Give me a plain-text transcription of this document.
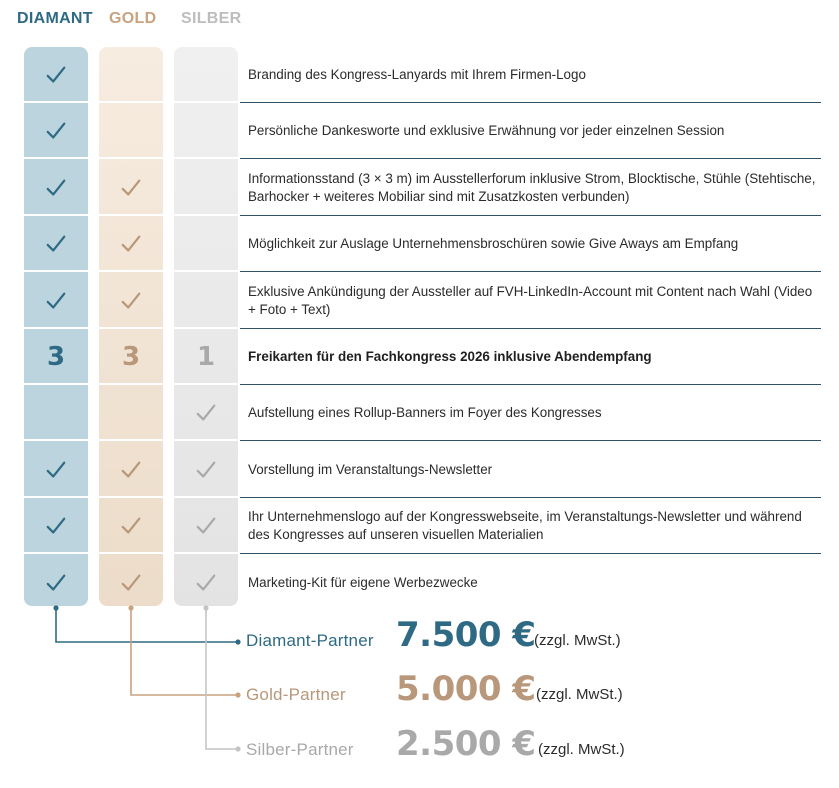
DIAMANT GOLD SILBER
Branding des Kongress-Lanyards mit Ihrem Firmen-Logo
Persönliche Dankesworte und exklusive Erwähnung vor jeder einzelnen Session
Informationsstand (3 × 3 m) im Ausstellerforum inklusive Strom, Blocktische, Stühle (Stehtische, Barhocker + weiteres Mobiliar sind mit Zusatzkosten verbunden)
Möglichkeit zur Auslage Unternehmensbroschüren sowie Give Aways am Empfang
Exklusive Ankündigung der Aussteller auf FVH-LinkedIn-Account mit Content nach Wahl (Video + Foto + Text)
3 3 1 Freikarten für den Fachkongress 2026 inklusive Abendempfang
Aufstellung eines Rollup-Banners im Foyer des Kongresses
Vorstellung im Veranstaltungs-Newsletter
Ihr Unternehmenslogo auf der Kongresswebseite, im Veranstaltungs-Newsletter und während des Kongresses auf unseren visuellen Materialien
Marketing-Kit für eigene Werbezwecke
Diamant-Partner 7.500 €
(zzgl. MwSt.)
Gold-Partner 5.000 € (zzgl. MwSt.)
Silber-Partner 2.500 € (zzgl. MwSt.)
